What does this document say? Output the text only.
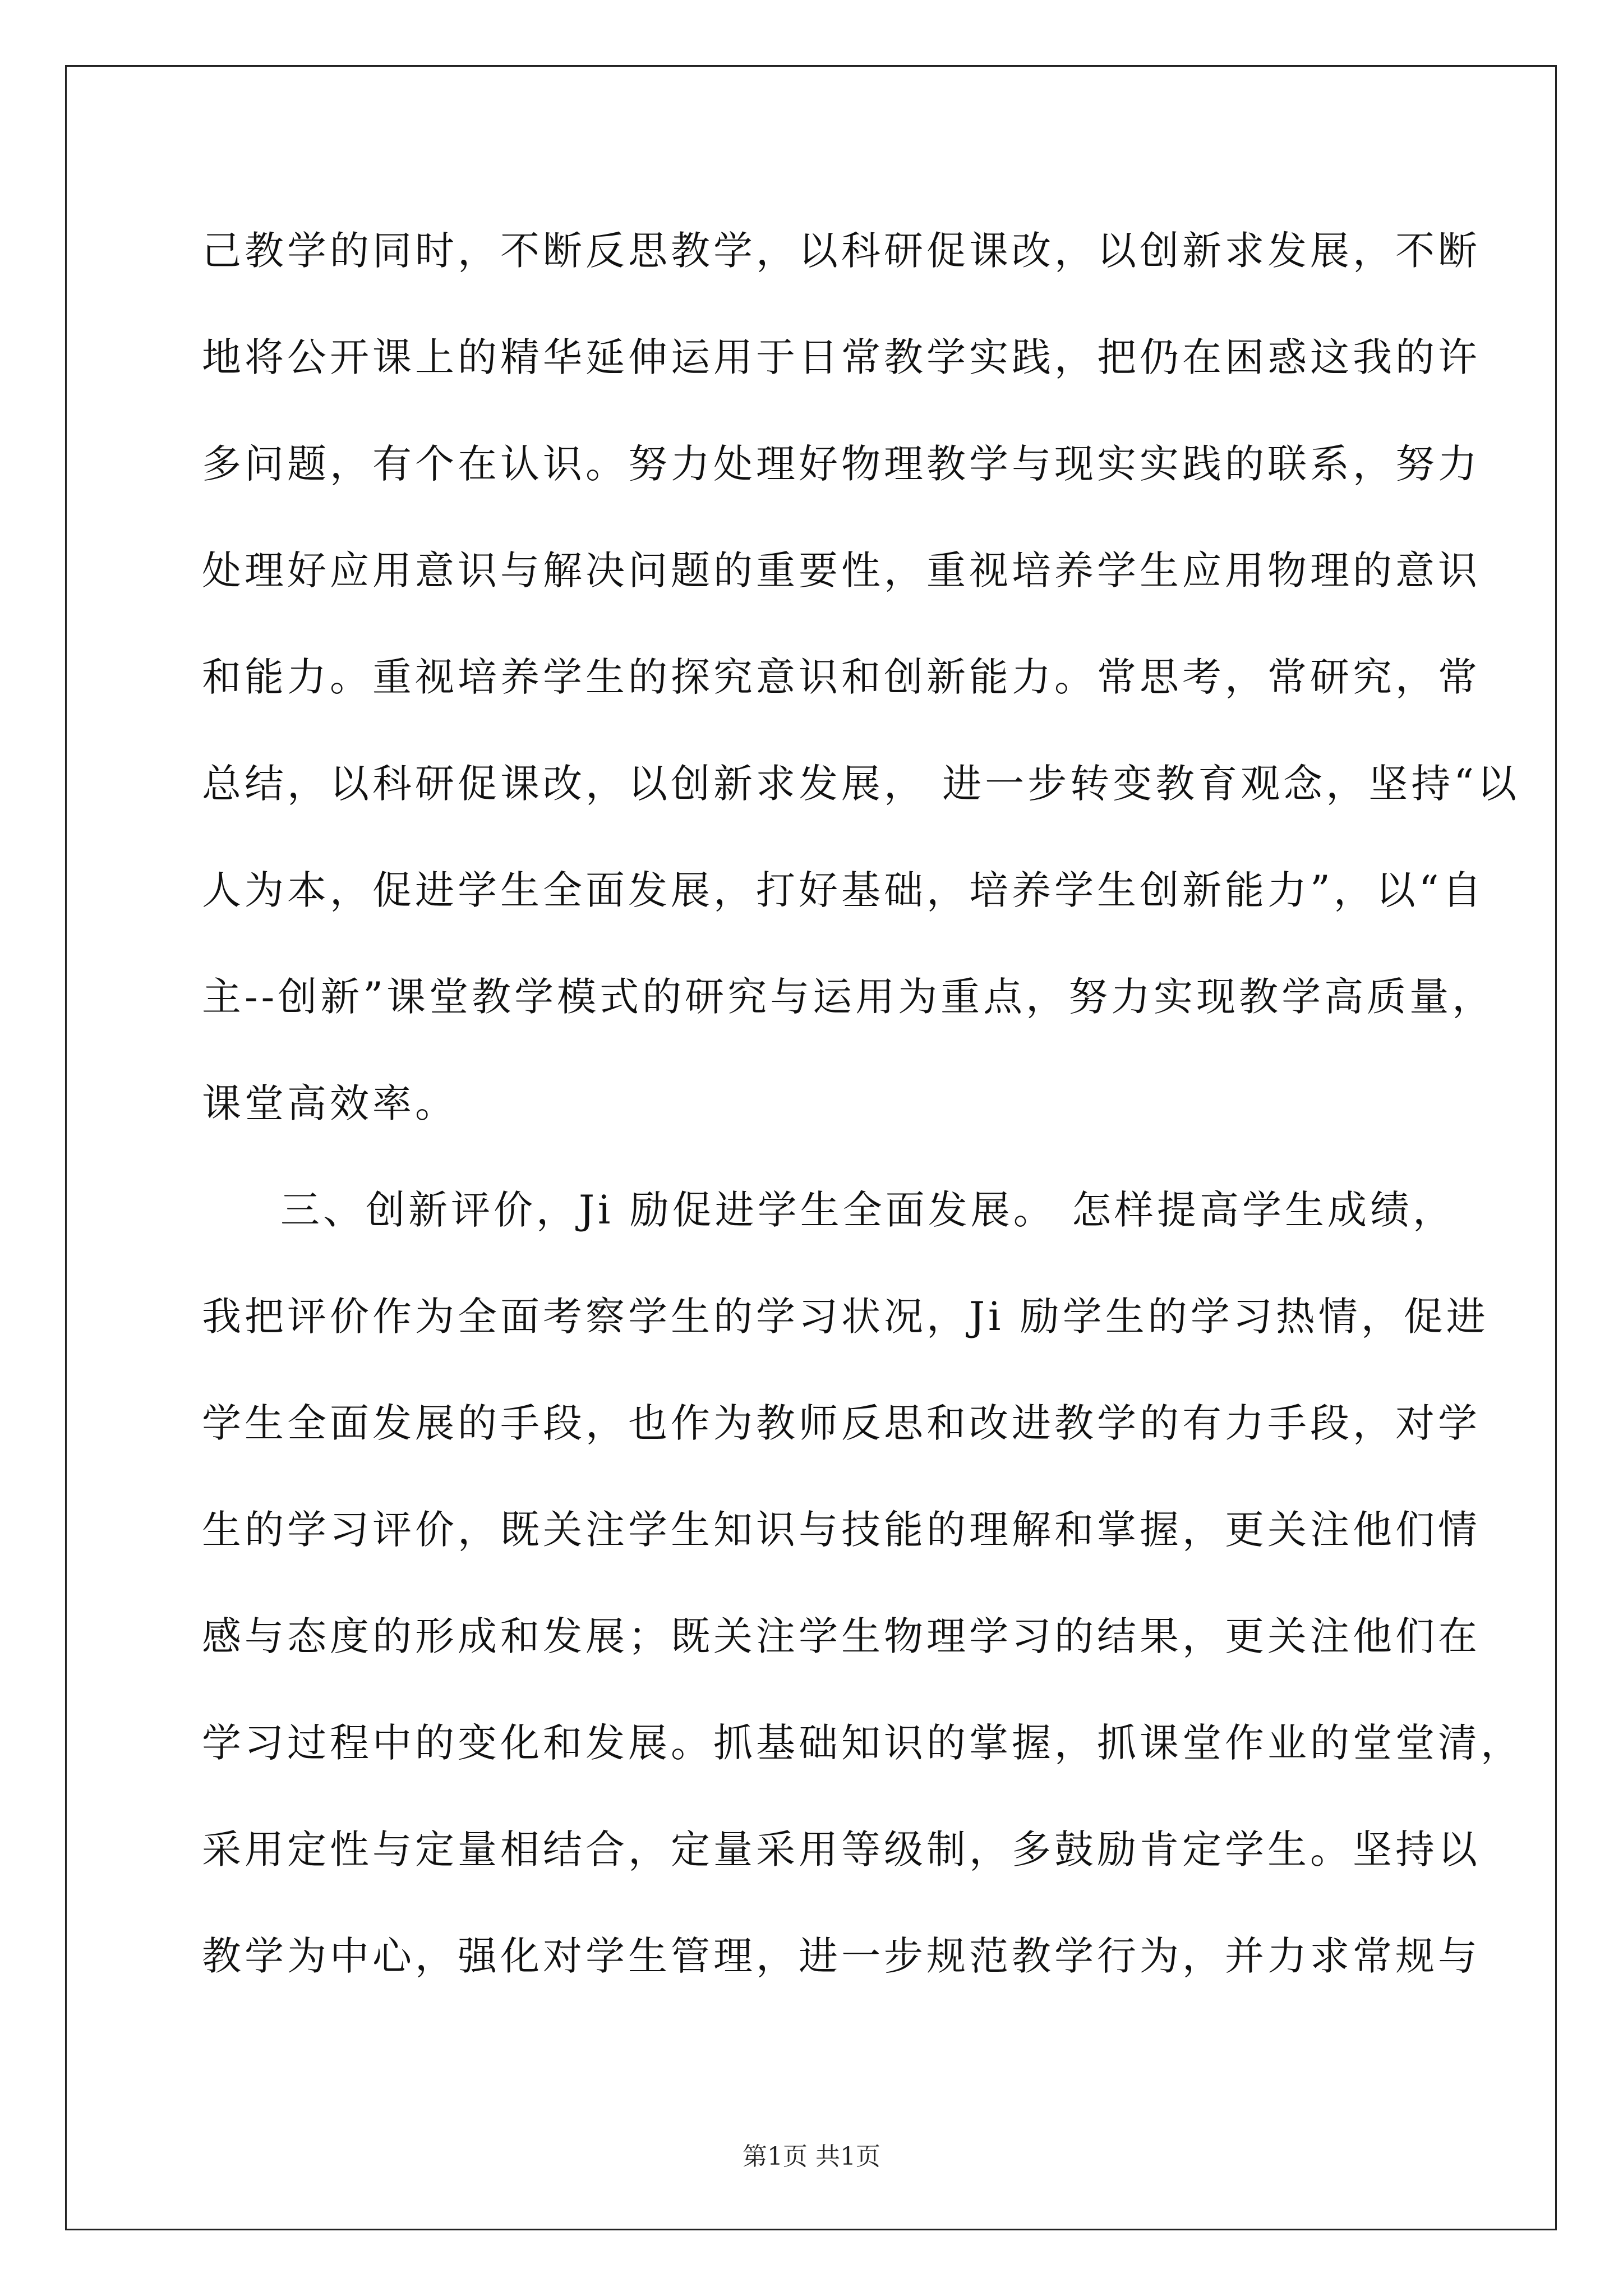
己教学的同时，不断反思教学，以科研促课改，以创新求发展，不断
地将公开课上的精华延伸运用于日常教学实践，把仍在困惑这我的许
多问题，有个在认识。努力处理好物理教学与现实实践的联系，努力
处理好应用意识与解决问题的重要性，重视培养学生应用物理的意识
和能力。重视培养学生的探究意识和创新能力。常思考，常研究，常
总结，以科研促课改，以创新求发展， 进一步转变教育观念，坚持“以
人为本，促进学生全面发展，打好基础，培养学生创新能力”，以“自
主--创新”课堂教学模式的研究与运用为重点，努力实现教学高质量，
课堂高效率。
三、创新评价，Ji 励促进学生全面发展。 怎样提高学生成绩，
我把评价作为全面考察学生的学习状况，Ji 励学生的学习热情，促进
学生全面发展的手段，也作为教师反思和改进教学的有力手段，对学
生的学习评价，既关注学生知识与技能的理解和掌握，更关注他们情
感与态度的形成和发展；既关注学生物理学习的结果，更关注他们在
学习过程中的变化和发展。抓基础知识的掌握，抓课堂作业的堂堂清，
采用定性与定量相结合，定量采用等级制，多鼓励肯定学生。坚持以
教学为中心，强化对学生管理，进一步规范教学行为，并力求常规与
第1页 共1页
